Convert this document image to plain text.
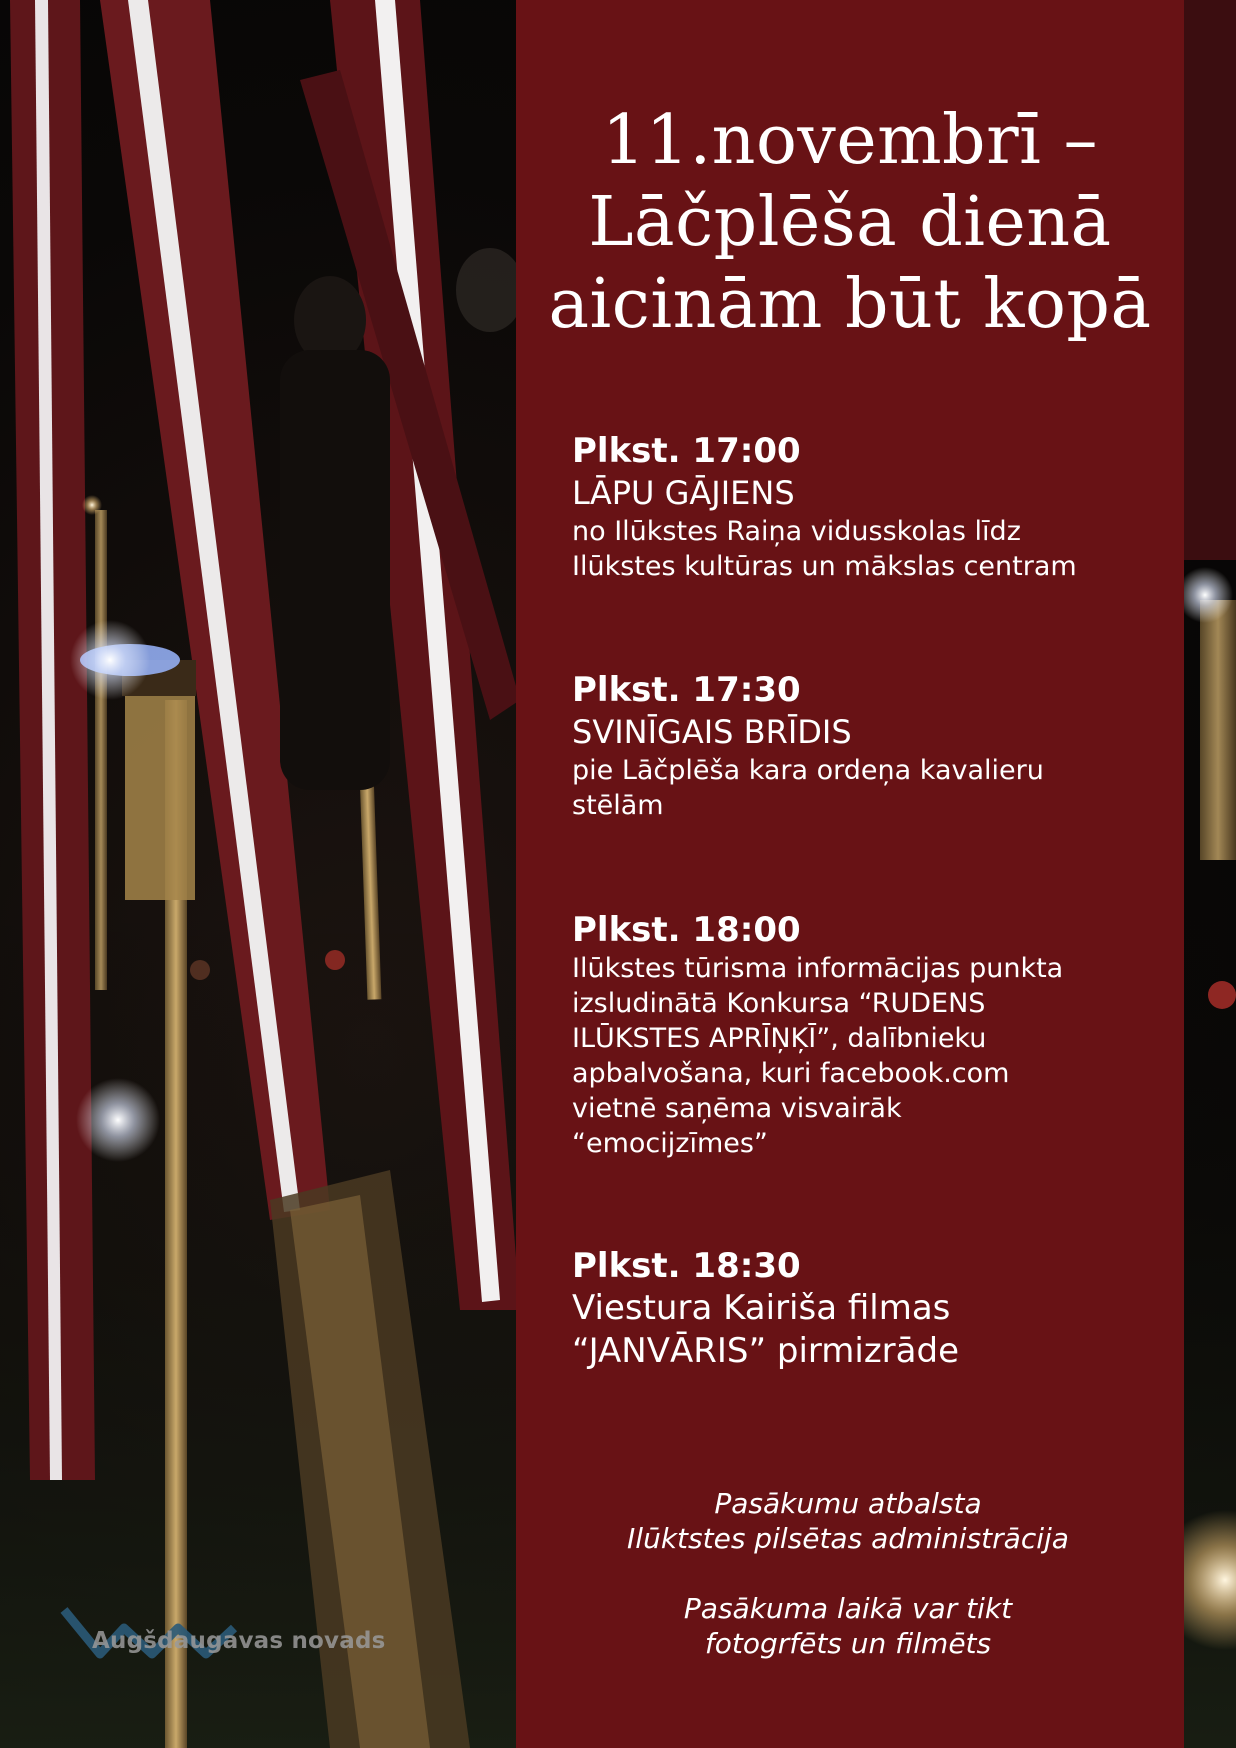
11.novembrī –
Lāčplēša dienā
aicinām būt kopā
Plkst. 17:00
LĀPU GĀJIENS
no Ilūkstes Raiņa vidusskolas līdz
Ilūkstes kultūras un mākslas centram
Plkst. 17:30
SVINĪGAIS BRĪDIS
pie Lāčplēša kara ordeņa kavalieru
stēlām
Plkst. 18:00
Ilūkstes tūrisma informācijas punkta
izsludinātā Konkursa “RUDENS
ILŪKSTES APRĪŅĶĪ”, dalībnieku
apbalvošana, kuri facebook.com
vietnē saņēma visvairāk
“emocijzīmes”
Plkst. 18:30
Viestura Kairiša filmas
“JANVĀRIS” pirmizrāde
Pasākumu atbalsta
Ilūktstes pilsētas administrācija
Pasākuma laikā var tikt
fotogrfēts un filmēts
Augšdaugavas novads
